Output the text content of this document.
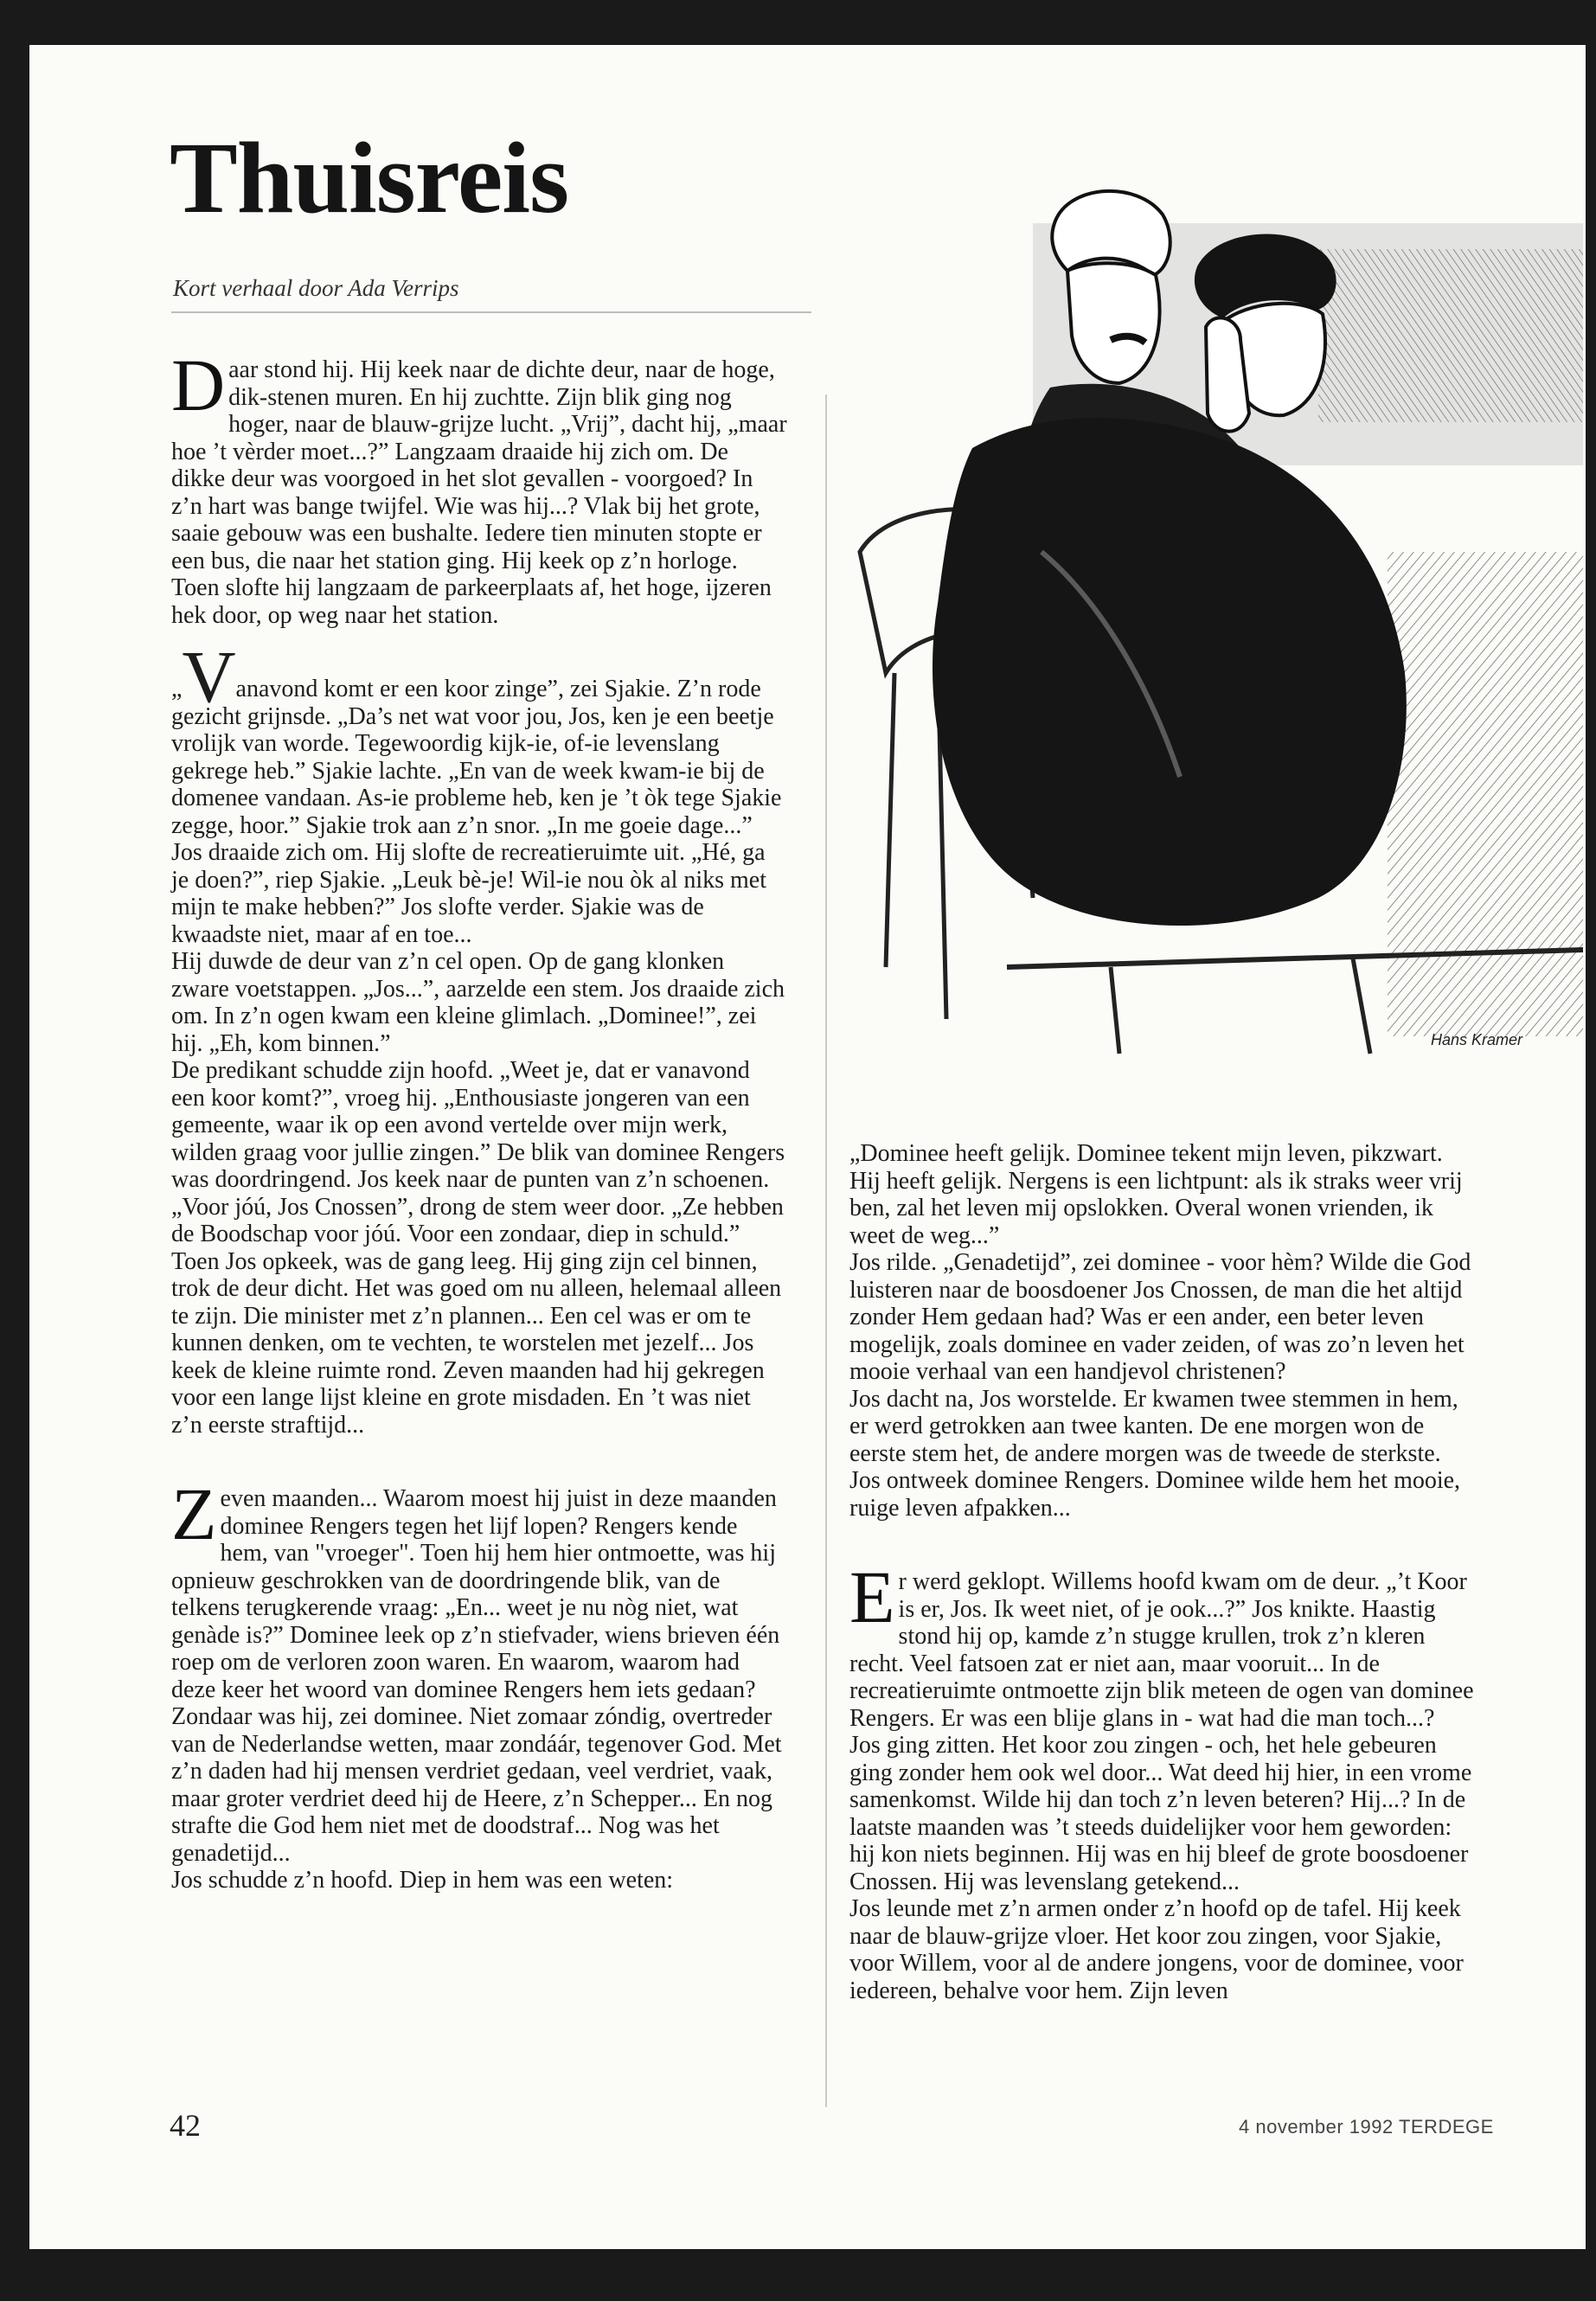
Thuisreis

Kort verhaal door Ada Verrips

Hans Kramer

Daar stond hij. Hij keek naar de dichte deur, naar de hoge, dik-stenen muren. En hij zuchtte. Zijn blik ging nog hoger, naar de blauw-grijze lucht. „Vrij”, dacht hij, „maar hoe ’t vèrder moet...?” Langzaam draaide hij zich om. De dikke deur was voorgoed in het slot gevallen - voorgoed? In z’n hart was bange twijfel. Wie was hij...? Vlak bij het grote, saaie gebouw was een bushalte. Iedere tien minuten stopte er een bus, die naar het station ging. Hij keek op z’n horloge. Toen slofte hij langzaam de parkeerplaats af, het hoge, ijzeren hek door, op weg naar het station.

„Vanavond komt er een koor zinge”, zei Sjakie. Z’n rode gezicht grijnsde. „Da’s net wat voor jou, Jos, ken je een beetje vrolijk van worde. Tegewoordig kijk-ie, of-ie levenslang gekrege heb.” Sjakie lachte. „En van de week kwam-ie bij de domenee vandaan. As-ie probleme heb, ken je ’t òk tege Sjakie zegge, hoor.” Sjakie trok aan z’n snor. „In me goeie dage...”

Jos draaide zich om. Hij slofte de recreatieruimte uit. „Hé, ga je doen?”, riep Sjakie. „Leuk bè-je! Wil-ie nou òk al niks met mijn te make hebben?” Jos slofte verder. Sjakie was de kwaadste niet, maar af en toe...

Hij duwde de deur van z’n cel open. Op de gang klonken zware voetstappen. „Jos...”, aarzelde een stem. Jos draaide zich om. In z’n ogen kwam een kleine glimlach. „Dominee!”, zei hij. „Eh, kom binnen.”

De predikant schudde zijn hoofd. „Weet je, dat er vanavond een koor komt?”, vroeg hij. „Enthousiaste jongeren van een gemeente, waar ik op een avond vertelde over mijn werk, wilden graag voor jullie zingen.” De blik van dominee Rengers was doordringend. Jos keek naar de punten van z’n schoenen. „Voor jóú, Jos Cnossen”, drong de stem weer door. „Ze hebben de Boodschap voor jóú. Voor een zondaar, diep in schuld.”

Toen Jos opkeek, was de gang leeg. Hij ging zijn cel binnen, trok de deur dicht. Het was goed om nu alleen, helemaal alleen te zijn. Die minister met z’n plannen... Een cel was er om te kunnen denken, om te vechten, te worstelen met jezelf... Jos keek de kleine ruimte rond. Zeven maanden had hij gekregen voor een lange lijst kleine en grote misdaden. En ’t was niet z’n eerste straftijd...

Zeven maanden... Waarom moest hij juist in deze maanden dominee Rengers tegen het lijf lopen? Rengers kende hem, van "vroeger". Toen hij hem hier ontmoette, was hij opnieuw geschrokken van de doordringende blik, van de telkens terugkerende vraag: „En... weet je nu nòg niet, wat genàde is?” Dominee leek op z’n stiefvader, wiens brieven één roep om de verloren zoon waren. En waarom, waarom had deze keer het woord van dominee Rengers hem iets gedaan?

Zondaar was hij, zei dominee. Niet zomaar zóndig, overtreder van de Nederlandse wetten, maar zondáár, tegenover God. Met z’n daden had hij mensen verdriet gedaan, veel verdriet, vaak, maar groter verdriet deed hij de Heere, z’n Schepper... En nog strafte die God hem niet met de doodstraf... Nog was het genadetijd...

Jos schudde z’n hoofd. Diep in hem was een weten:

„Dominee heeft gelijk. Dominee tekent mijn leven, pikzwart. Hij heeft gelijk. Nergens is een lichtpunt: als ik straks weer vrij ben, zal het leven mij opslokken. Overal wonen vrienden, ik weet de weg...”

Jos rilde. „Genadetijd”, zei dominee - voor hèm? Wilde die God luisteren naar de boosdoener Jos Cnossen, de man die het altijd zonder Hem gedaan had? Was er een ander, een beter leven mogelijk, zoals dominee en vader zeiden, of was zo’n leven het mooie verhaal van een handjevol christenen?

Jos dacht na, Jos worstelde. Er kwamen twee stemmen in hem, er werd getrokken aan twee kanten. De ene morgen won de eerste stem het, de andere morgen was de tweede de sterkste. Jos ontweek dominee Rengers. Dominee wilde hem het mooie, ruige leven afpakken...

Er werd geklopt. Willems hoofd kwam om de deur. „’t Koor is er, Jos. Ik weet niet, of je ook...?” Jos knikte. Haastig stond hij op, kamde z’n stugge krullen, trok z’n kleren recht. Veel fatsoen zat er niet aan, maar vooruit... In de recreatieruimte ontmoette zijn blik meteen de ogen van dominee Rengers. Er was een blije glans in - wat had die man toch...?

Jos ging zitten. Het koor zou zingen - och, het hele gebeuren ging zonder hem ook wel door... Wat deed hij hier, in een vrome samenkomst. Wilde hij dan toch z’n leven beteren? Hij...? In de laatste maanden was ’t steeds duidelijker voor hem geworden: hij kon niets beginnen. Hij was en hij bleef de grote boosdoener Cnossen. Hij was levenslang getekend...

Jos leunde met z’n armen onder z’n hoofd op de tafel. Hij keek naar de blauw-grijze vloer. Het koor zou zingen, voor Sjakie, voor Willem, voor al de andere jongens, voor de dominee, voor iedereen, behalve voor hem. Zijn leven

42	4 november 1992 TERDEGE
